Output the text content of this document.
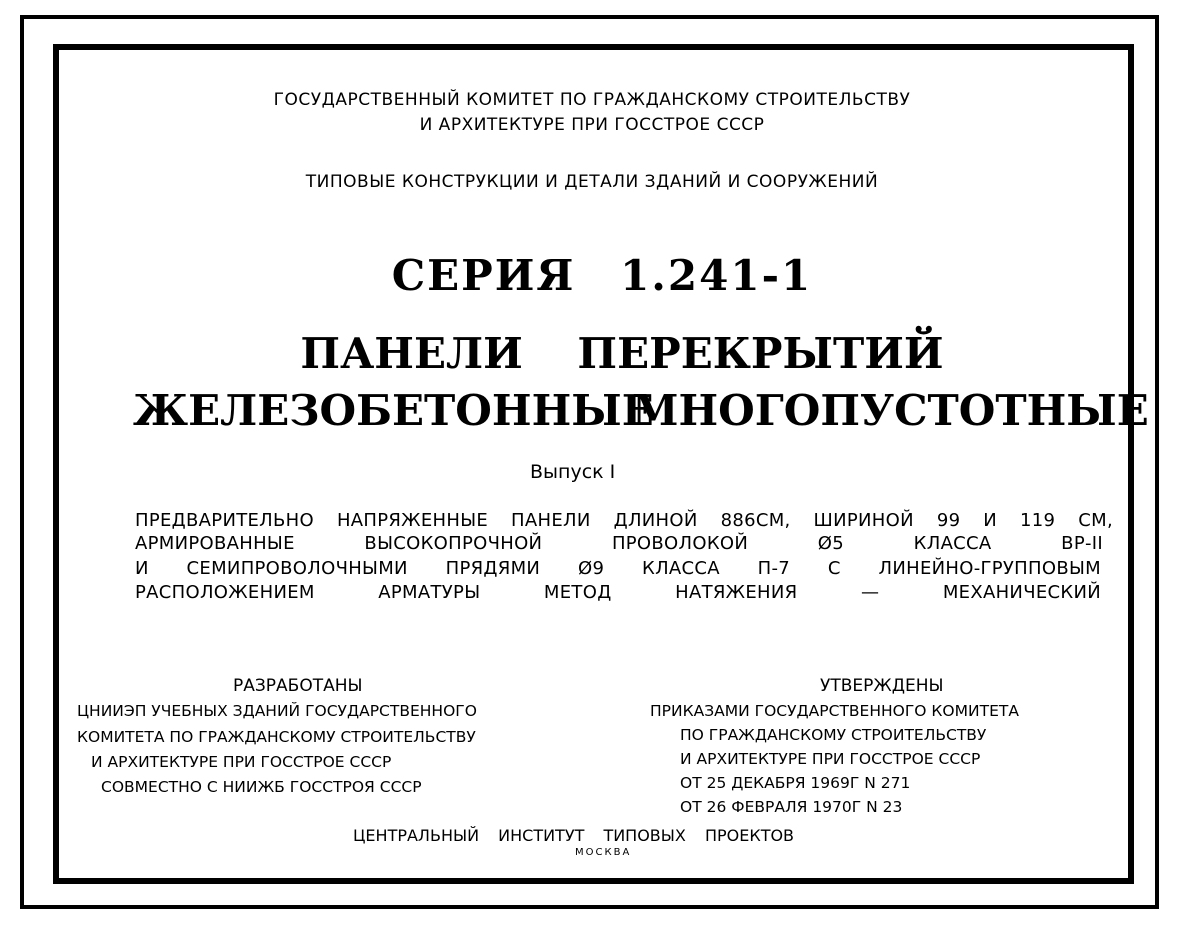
ГОСУДАРСТВЕННЫЙ КОМИТЕТ ПО ГРАЖДАНСКОМУ СТРОИТЕЛЬСТВУ
И АРХИТЕКТУРЕ ПРИ ГОССТРОЕ СССР
ТИПОВЫЕ КОНСТРУКЦИИ И ДЕТАЛИ ЗДАНИЙ И СООРУЖЕНИЙ
СЕРИЯ 1.241-1
ПАНЕЛИ ПЕРЕКРЫТИЙ
ЖЕЛЕЗОБЕТОННЫЕ
МНОГОПУСТОТНЫЕ
Выпуск I
ПРЕДВАРИТЕЛЬНО НАПРЯЖЕННЫЕ ПАНЕЛИ ДЛИНОЙ 886СМ, ШИРИНОЙ 99 И 119 СМ,
АРМИРОВАННЫЕ ВЫСОКОПРОЧНОЙ ПРОВОЛОКОЙ Ø5 КЛАССА ВР-II
И СЕМИПРОВОЛОЧНЫМИ ПРЯДЯМИ Ø9 КЛАССА П-7 С ЛИНЕЙНО-ГРУППОВЫМ
РАСПОЛОЖЕНИЕМ АРМАТУРЫ МЕТОД НАТЯЖЕНИЯ — МЕХАНИЧЕСКИЙ
РАЗРАБОТАНЫ
ЦНИИЭП УЧЕБНЫХ ЗДАНИЙ ГОСУДАРСТВЕННОГО
КОМИТЕТА ПО ГРАЖДАНСКОМУ СТРОИТЕЛЬСТВУ
И АРХИТЕКТУРЕ ПРИ ГОССТРОЕ СССР
СОВМЕСТНО С НИИЖБ ГОССТРОЯ СССР
УТВЕРЖДЕНЫ
ПРИКАЗАМИ ГОСУДАРСТВЕННОГО КОМИТЕТА
ПО ГРАЖДАНСКОМУ СТРОИТЕЛЬСТВУ
И АРХИТЕКТУРЕ ПРИ ГОССТРОЕ СССР
ОТ 25 ДЕКАБРЯ 1969Г N 271
ОТ 26 ФЕВРАЛЯ 1970Г N 23
ЦЕНТРАЛЬНЫЙ ИНСТИТУТ ТИПОВЫХ ПРОЕКТОВ
МОСКВА
